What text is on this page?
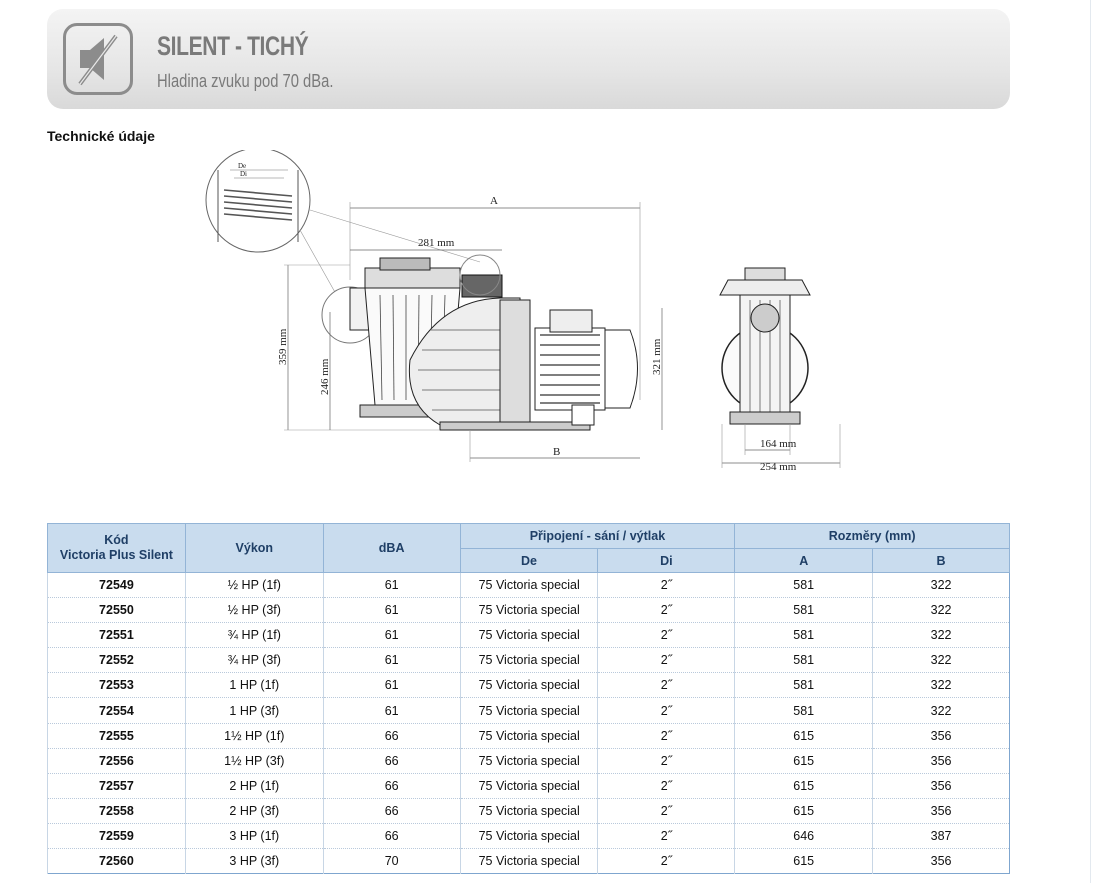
SILENT - TICHÝ
Hladina zvuku pod 70 dBa.
Technické údaje
De
Di
A
281 mm
B
359 mm
246 mm
321 mm
164 mm
254 mm
Kód
Victoria Plus Silent	Výkon	dBA	Připojení - sání / výtlak		Rozměry (mm)	
			De	Di	A	B
72549	½ HP (1f)	61	75 Victoria special	2˝	581	322
72550	½ HP (3f)	61	75 Victoria special	2˝	581	322
72551	¾ HP (1f)	61	75 Victoria special	2˝	581	322
72552	¾ HP (3f)	61	75 Victoria special	2˝	581	322
72553	1 HP (1f)	61	75 Victoria special	2˝	581	322
72554	1 HP (3f)	61	75 Victoria special	2˝	581	322
72555	1½ HP (1f)	66	75 Victoria special	2˝	615	356
72556	1½ HP (3f)	66	75 Victoria special	2˝	615	356
72557	2 HP (1f)	66	75 Victoria special	2˝	615	356
72558	2 HP (3f)	66	75 Victoria special	2˝	615	356
72559	3 HP (1f)	66	75 Victoria special	2˝	646	387
72560	3 HP (3f)	70	75 Victoria special	2˝	615	356
